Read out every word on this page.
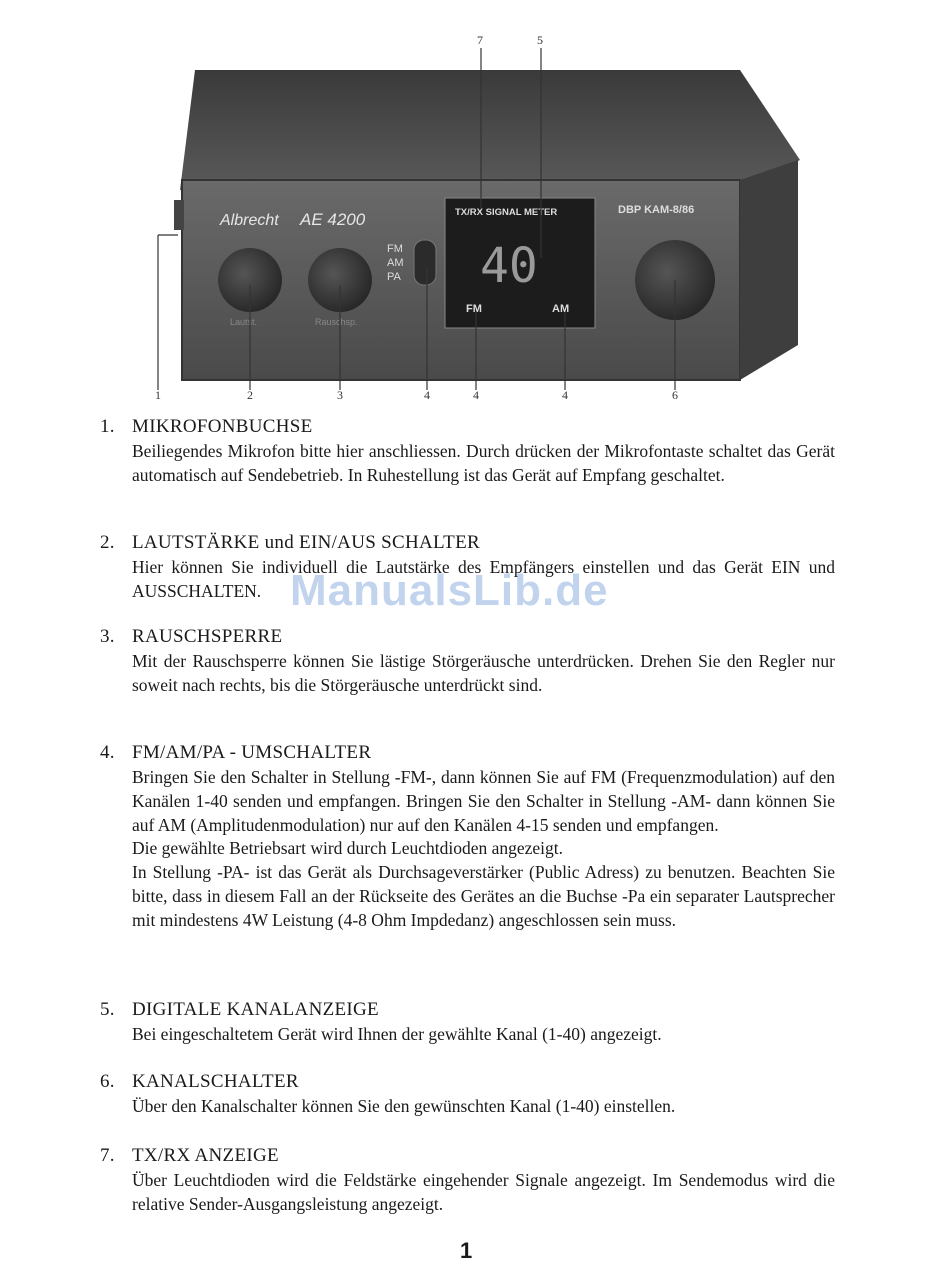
Albrecht AE 4200
Lautst.	Rauschsp.
FM
AM
PA
TX/RX SIGNAL METER
40
FM	AM
DBP KAM-8/86
1	2	3	4	4	4	6
7	5
1. MIKROFONBUCHSE

Beiliegendes Mikrofon bitte hier anschliessen. Durch drücken der Mikrofontaste schaltet das Gerät automatisch auf Sendebetrieb. In Ruhestellung ist das Gerät auf Empfang geschaltet.

2. LAUTSTÄRKE und EIN/AUS SCHALTER

Hier können Sie individuell die Lautstärke des Empfängers einstellen und das Gerät EIN und AUSSCHALTEN.

3. RAUSCHSPERRE

Mit der Rauschsperre können Sie lästige Störgeräusche unterdrücken. Drehen Sie den Regler nur soweit nach rechts, bis die Störgeräusche unterdrückt sind.

4. FM/AM/PA - UMSCHALTER

Bringen Sie den Schalter in Stellung -FM-, dann können Sie auf FM (Frequenzmodulation) auf den Kanälen 1-40 senden und empfangen. Bringen Sie den Schalter in Stellung -AM- dann können Sie auf AM (Amplitudenmodulation) nur auf den Kanälen 4-15 senden und empfangen.

Die gewählte Betriebsart wird durch Leuchtdioden angezeigt.

In Stellung -PA- ist das Gerät als Durchsageverstärker (Public Adress) zu benutzen. Beachten Sie bitte, dass in diesem Fall an der Rückseite des Gerätes an die Buchse -Pa ein separater Lautsprecher mit mindestens 4W Leistung (4-8 Ohm Impdedanz) angeschlossen sein muss.

5. DIGITALE KANALANZEIGE

Bei eingeschaltetem Gerät wird Ihnen der gewählte Kanal (1-40) angezeigt.

6. KANALSCHALTER

Über den Kanalschalter können Sie den gewünschten Kanal (1-40) einstellen.

7. TX/RX ANZEIGE

Über Leuchtdioden wird die Feldstärke eingehender Signale angezeigt. Im Sendemodus wird die relative Sender-Ausgangsleistung angezeigt.

ManualsLib.de
1
